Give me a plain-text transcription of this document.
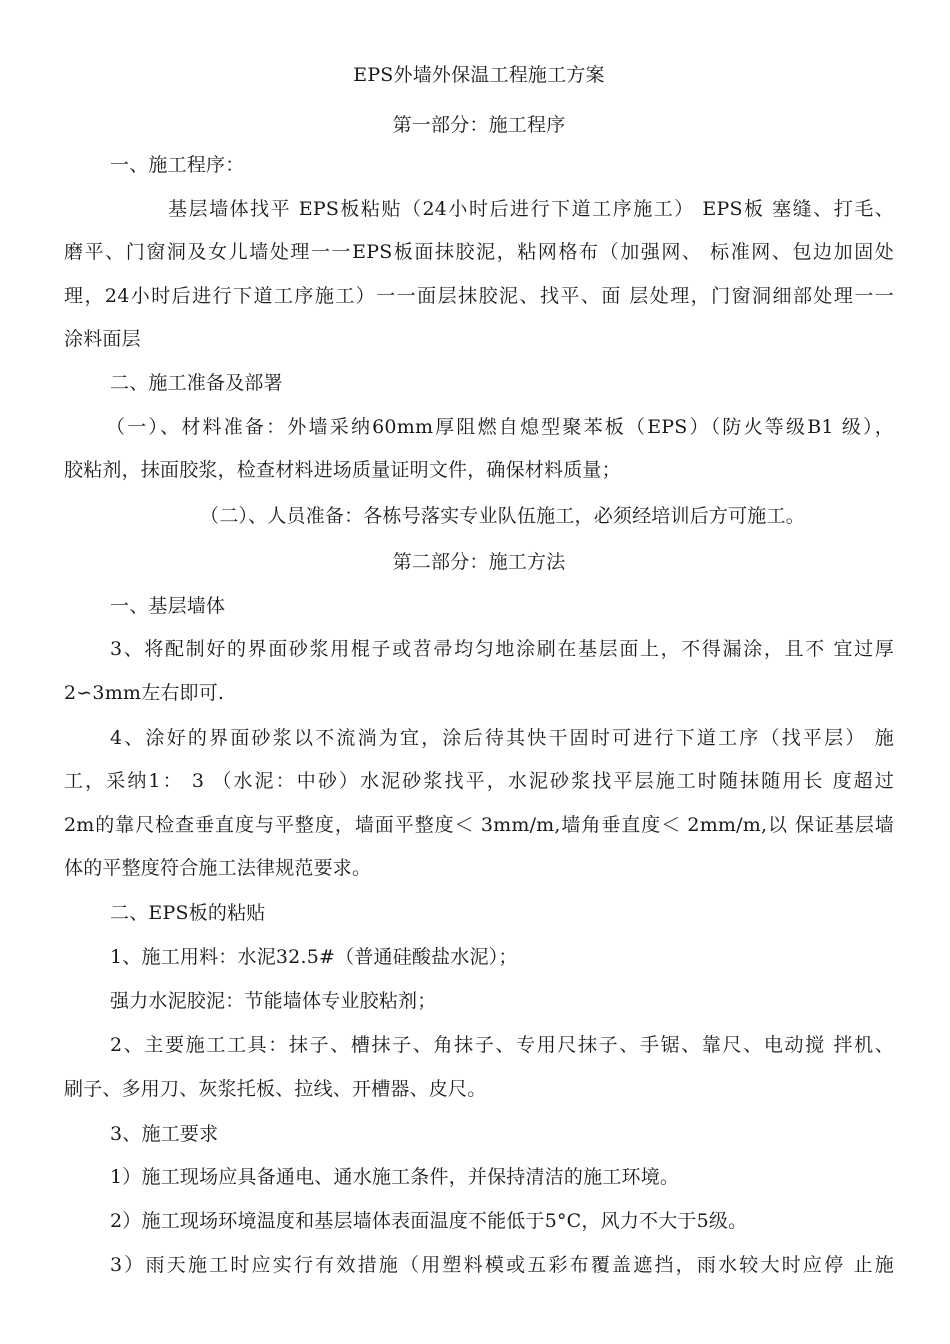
EPS外墙外保温工程施工方案
第一部分：施工程序
一、施工程序：
基层墙体找平 EPS板粘贴（24小时后进行下道工序施工） EPS板 塞缝、打毛、
磨平、门窗洞及女儿墙处理一一EPS板面抹胶泥，粘网格布（加强网、 标准网、包边加固处
理，24小时后进行下道工序施工）一一面层抹胶泥、找平、面 层处理，门窗洞细部处理一一
涂料面层
二、施工准备及部署
（一）、材料准备：外墙采纳60mm厚阻燃自熄型聚苯板（EPS）（防火等级B1 级），
胶粘剂，抹面胶浆，检查材料进场质量证明文件，确保材料质量；
（二）、人员准备：各栋号落实专业队伍施工，必须经培训后方可施工。
第二部分：施工方法
一、基层墙体
3、将配制好的界面砂浆用棍子或苕帚均匀地涂刷在基层面上，不得漏涂，且不 宜过厚
2∽3mm左右即可.
4、涂好的界面砂浆以不流淌为宜，涂后待其快干固时可进行下道工序（找平层） 施
工，采纳1： 3 （水泥：中砂）水泥砂浆找平，水泥砂浆找平层施工时随抹随用长 度超过
2m的靠尺检查垂直度与平整度，墙面平整度＜ 3mm/m,墙角垂直度＜ 2mm/m,以 保证基层墙
体的平整度符合施工法律规范要求。
二、EPS板的粘贴
1、施工用料：水泥32.5#（普通硅酸盐水泥）；
强力水泥胶泥：节能墙体专业胶粘剂；
2、主要施工工具：抹子、槽抹子、角抹子、专用尺抹子、手锯、靠尺、电动搅 拌机、
刷子、多用刀、灰浆托板、拉线、开槽器、皮尺。
3、施工要求
1）施工现场应具备通电、通水施工条件，并保持清洁的施工环境。
2）施工现场环境温度和基层墙体表面温度不能低于5°C，风力不大于5级。
3）雨天施工时应实行有效措施（用塑料模或五彩布覆盖遮挡，雨水较大时应停 止施
